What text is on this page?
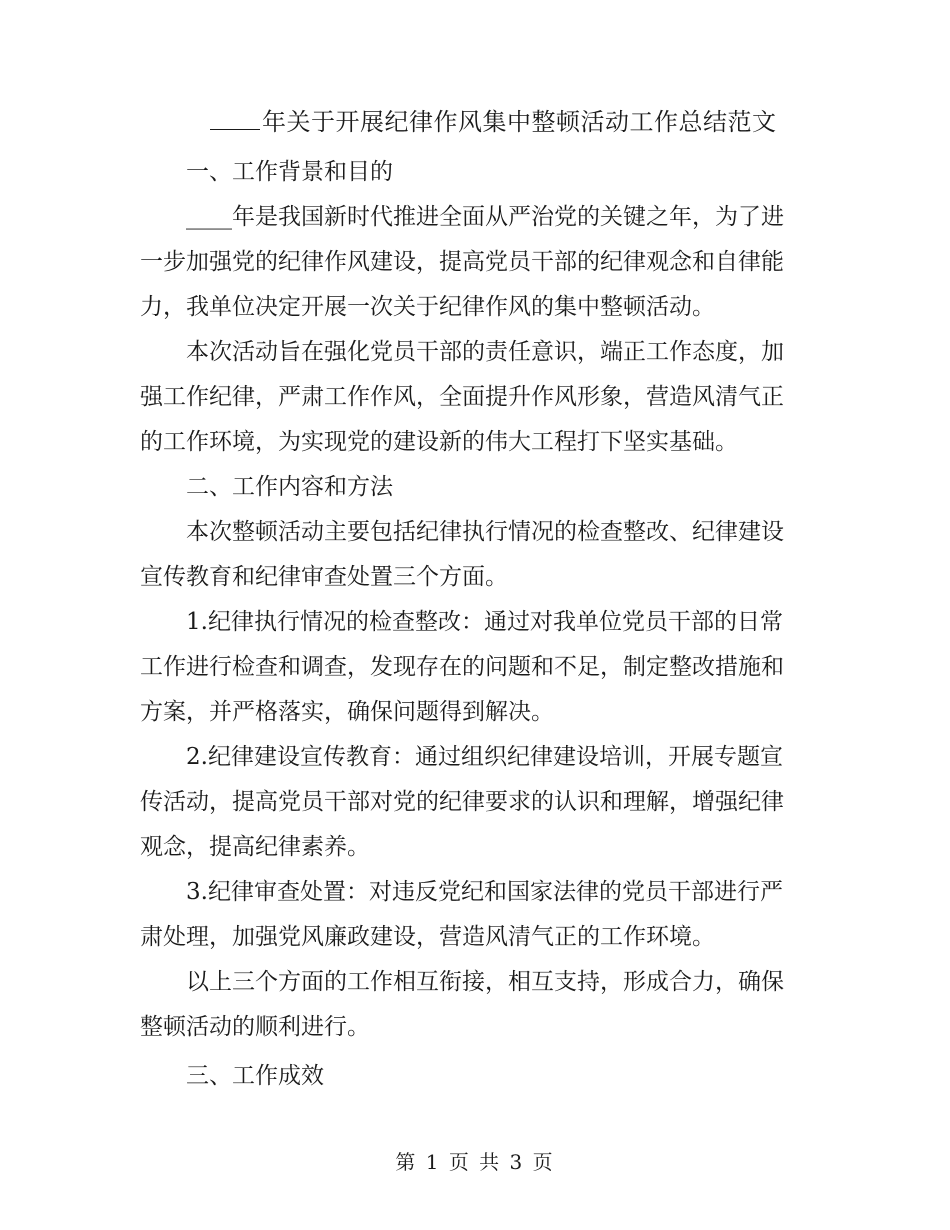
年关于开展纪律作风集中整顿活动工作总结范文

一、工作背景和目的

____年是我国新时代推进全面从严治党的关键之年，为了进一步加强党的纪律作风建设，提高党员干部的纪律观念和自律能力，我单位决定开展一次关于纪律作风的集中整顿活动。

本次活动旨在强化党员干部的责任意识，端正工作态度，加强工作纪律，严肃工作作风，全面提升作风形象，营造风清气正的工作环境，为实现党的建设新的伟大工程打下坚实基础。

二、工作内容和方法

本次整顿活动主要包括纪律执行情况的检查整改、纪律建设宣传教育和纪律审查处置三个方面。

1.纪律执行情况的检查整改：通过对我单位党员干部的日常工作进行检查和调查，发现存在的问题和不足，制定整改措施和方案，并严格落实，确保问题得到解决。

2.纪律建设宣传教育：通过组织纪律建设培训，开展专题宣传活动，提高党员干部对党的纪律要求的认识和理解，增强纪律观念，提高纪律素养。

3.纪律审查处置：对违反党纪和国家法律的党员干部进行严肃处理，加强党风廉政建设，营造风清气正的工作环境。

以上三个方面的工作相互衔接，相互支持，形成合力，确保整顿活动的顺利进行。

三、工作成效

第 1 页 共 3 页
